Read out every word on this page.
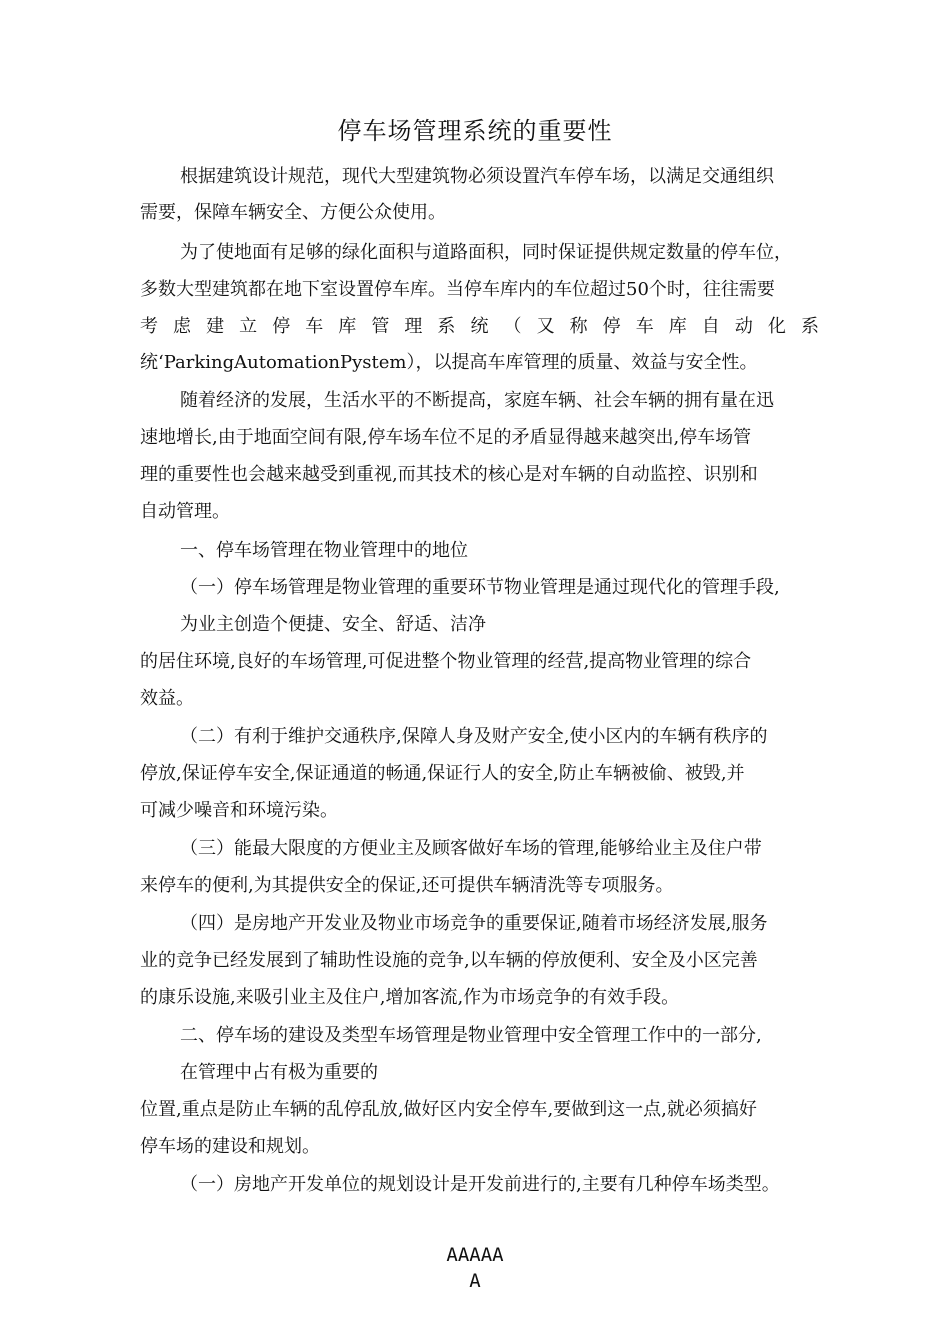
停车场管理系统的重要性
根据建筑设计规范，现代大型建筑物必须设置汽车停车场，以满足交通组织
需要，保障车辆安全、方便公众使用。
为了使地面有足够的绿化面积与道路面积，同时保证提供规定数量的停车位，
多数大型建筑都在地下室设置停车库。当停车库内的车位超过50个时，往往需要
考 虑 建 立 停 车 库 管 理 系 统 （ 又 称 停 车 库 自 动 化 系
统‘ParkingAutomationPystem），以提高车库管理的质量、效益与安全性。
随着经济的发展，生活水平的不断提高，家庭车辆、社会车辆的拥有量在迅
速地增长,由于地面空间有限,停车场车位不足的矛盾显得越来越突出,停车场管
理的重要性也会越来越受到重视,而其技术的核心是对车辆的自动监控、识别和
自动管理。
一、停车场管理在物业管理中的地位
（一）停车场管理是物业管理的重要环节物业管理是通过现代化的管理手段,
为业主创造个便捷、安全、舒适、洁净
的居住环境,良好的车场管理,可促进整个物业管理的经营,提高物业管理的综合
效益。
（二）有利于维护交通秩序,保障人身及财产安全,使小区内的车辆有秩序的
停放,保证停车安全,保证通道的畅通,保证行人的安全,防止车辆被偷、被毁,并
可减少噪音和环境污染。
（三）能最大限度的方便业主及顾客做好车场的管理,能够给业主及住户带
来停车的便利,为其提供安全的保证,还可提供车辆清洗等专项服务。
（四）是房地产开发业及物业市场竞争的重要保证,随着市场经济发展,服务
业的竞争已经发展到了辅助性设施的竞争,以车辆的停放便利、安全及小区完善
的康乐设施,来吸引业主及住户,增加客流,作为市场竞争的有效手段。
二、停车场的建设及类型车场管理是物业管理中安全管理工作中的一部分,
在管理中占有极为重要的
位置,重点是防止车辆的乱停乱放,做好区内安全停车,要做到这一点,就必须搞好
停车场的建设和规划。
（一）房地产开发单位的规划设计是开发前进行的,主要有几种停车场类型。
AAAAA
A
